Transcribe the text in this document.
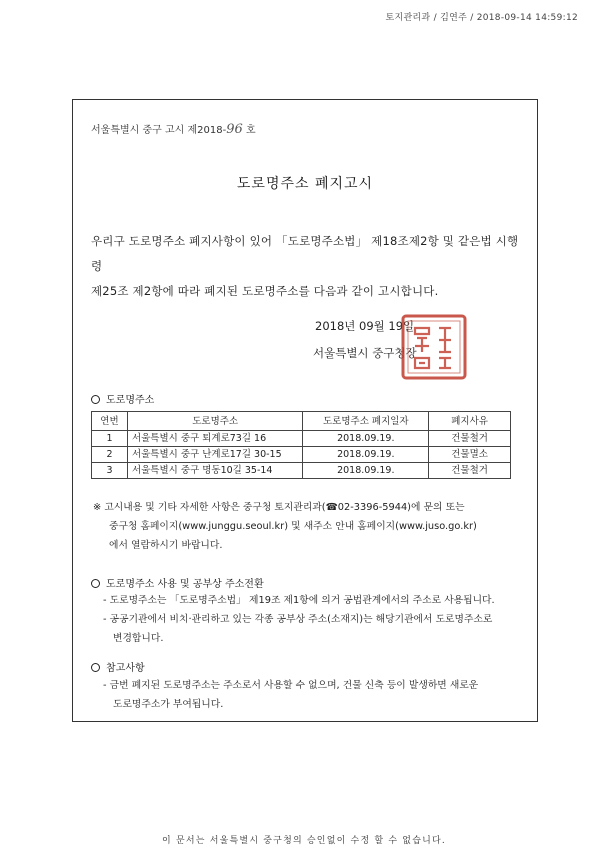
토지관리과 / 김연주 / 2018-09-14 14:59:12
서울특별시 중구 고시 제2018-96 호
도로명주소 폐지고시
우리구 도로명주소 폐지사항이 있어 「도로명주소법」 제18조제2항 및 같은법 시행령
제25조 제2항에 따라 폐지된 도로명주소를 다음과 같이 고시합니다.
2018년 09월 19일
서울특별시 중구청장
도로명주소
연번	도로명주소	도로명주소 폐지일자	폐지사유
1	서울특별시 중구 퇴계로73길 16	2018.09.19.	건물철거
2	서울특별시 중구 난계로17길 30-15	2018.09.19.	건물멸소
3	서울특별시 중구 명동10길 35-14	2018.09.19.	건물철거
※ 고시내용 및 기타 자세한 사항은 중구청 토지관리과(☎02-3396-5944)에 문의 또는
중구청 홈페이지(www.junggu.seoul.kr) 및 새주소 안내 홈페이지(www.juso.go.kr)
에서 열람하시기 바랍니다.
도로명주소 사용 및 공부상 주소전환
- 도로명주소는 「도로명주소법」 제19조 제1항에 의거 공법관계에서의 주소로 사용됩니다.
- 공공기관에서 비치·관리하고 있는 각종 공부상 주소(소재지)는 해당기관에서 도로명주소로
변경합니다.
참고사항
- 금번 폐지된 도로명주소는 주소로서 사용할 수 없으며, 건물 신축 등이 발생하면 새로운
도로명주소가 부여됩니다.
이 문서는 서울특별시 중구청의 승인없이 수정 할 수 없습니다.
